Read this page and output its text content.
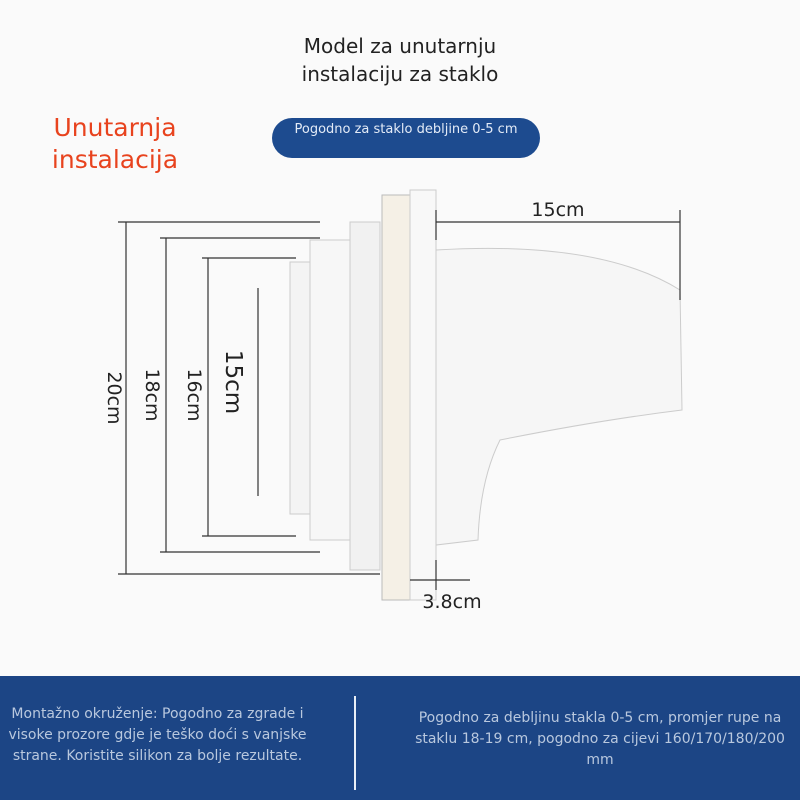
Model za unutarnju instalaciju za staklo
Unutarnja instalacija
Pogodno za staklo debljine 0-5 cm
20cm 18cm 16cm 15cm
15cm
3.8cm
Montažno okruženje: Pogodno za zgrade i visoke prozore gdje je teško doći s vanjske strane. Koristite silikon za bolje rezultate.
Pogodno za debljinu stakla 0-5 cm, promjer rupe na staklu 18-19 cm, pogodno za cijevi 160/170/180/200 mm
